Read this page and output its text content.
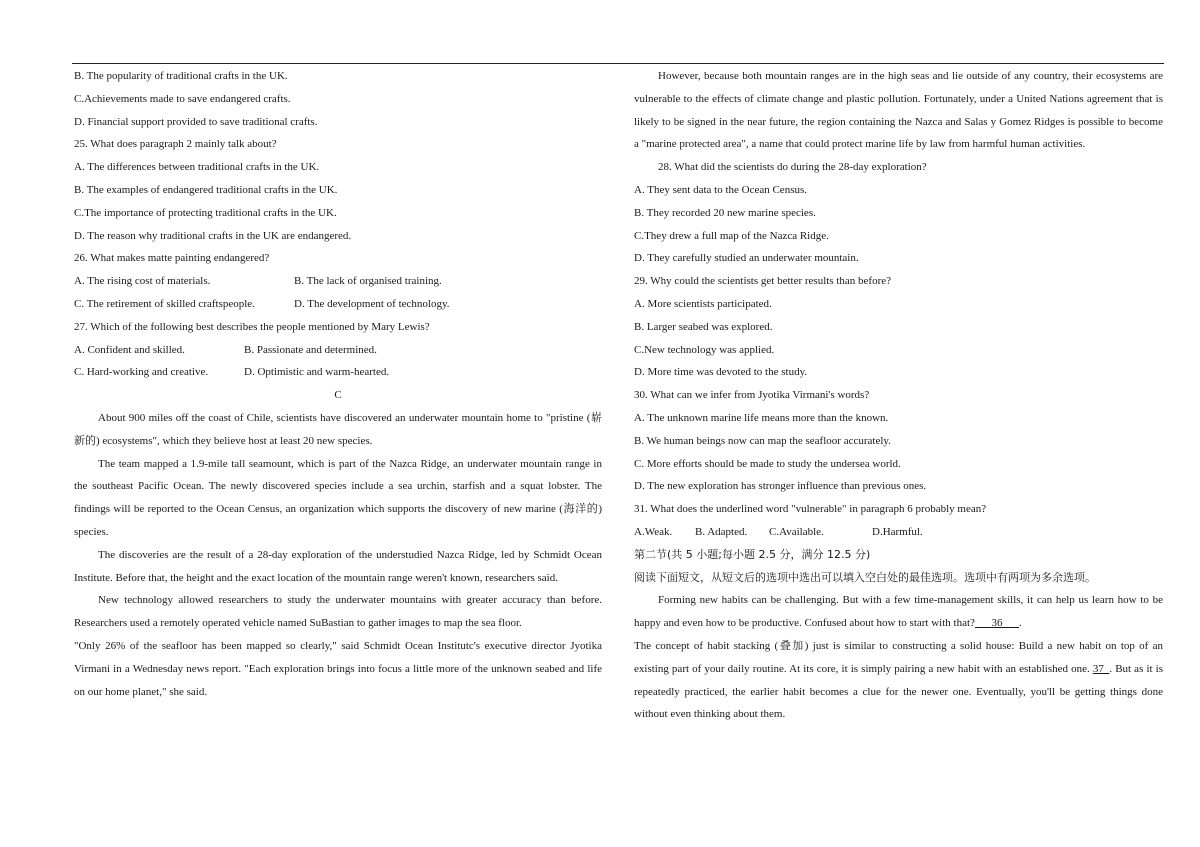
B. The popularity of traditional crafts in the UK.
C.Achievements made to save endangered crafts.
D. Financial support provided to save traditional crafts.
25. What does paragraph 2 mainly talk about?
A. The differences between traditional crafts in the UK.
B. The examples of endangered traditional crafts in the UK.
C.The importance of protecting traditional crafts in the UK.
D. The reason why traditional crafts in the UK are endangered.
26. What makes matte painting endangered?
A. The rising cost of materials.	B. The lack of organised training.
C. The retirement of skilled craftspeople.	D. The development of technology.
27. Which of the following best describes the people mentioned by Mary Lewis?
A. Confident and skilled.	B. Passionate and determined.
C. Hard-working and creative.	D. Optimistic and warm-hearted.
C
About 900 miles off the coast of Chile, scientists have discovered an underwater mountain home to "pristine (崭新的) ecosystems", which they believe host at least 20 new species.
The team mapped a 1.9-mile tall seamount, which is part of the Nazca Ridge, an underwater mountain range in the southeast Pacific Ocean. The newly discovered species include a sea urchin, starfish and a squat lobster. The findings will be reported to the Ocean Census, an organization which supports the discovery of new marine (海洋的) species.
The discoveries are the result of a 28-day exploration of the understudied Nazca Ridge, led by Schmidt Ocean Institute. Before that, the height and the exact location of the mountain range weren't known, researchers said.
New technology allowed researchers to study the underwater mountains with greater accuracy than before. Researchers used a remotely operated vehicle named SuBastian to gather images to map the sea floor.
"Only 26% of the seafloor has been mapped so clearly," said Schmidt Ocean Institutc's executive director Jyotika Virmani in a Wednesday news report. "Each exploration brings into focus a little more of the unknown seabed and life on our home planet," she said.
However, because both mountain ranges are in the high seas and lie outside of any country, their ecosystems are vulnerable to the effects of climate change and plastic pollution. Fortunately, under a United Nations agreement that is likely to be signed in the near future, the region containing the Nazca and Salas y Gomez Ridges is possible to become a "marine protected area", a name that could protect marine life by law from harmful human activities.
28. What did the scientists do during the 28-day exploration?
A. They sent data to the Ocean Census.
B. They recorded 20 new marine species.
C.They drew a full map of the Nazca Ridge.
D. They carefully studied an underwater mountain.
29. Why could the scientists get better results than before?
A. More scientists participated.
B. Larger seabed was explored.
C.New technology was applied.
D. More time was devoted to the study.
30. What can we infer from Jyotika Virmani's words?
A. The unknown marine life means more than the known.
B. We human beings now can map the seafloor accurately.
C. More efforts should be made to study the undersea world.
D. The new exploration has stronger influence than previous ones.
31. What does the underlined word "vulnerable" in paragraph 6 probably mean?
A.Weak.	B. Adapted.	C.Available.	D.Harmful.
第二节(共 5 小题;每小题 2.5 分，满分 12.5 分)
阅读下面短文，从短文后的选项中选出可以填入空白处的最佳选项。选项中有两项为多余选项。
Forming new habits can be challenging. But with a few time-management skills, it can help us learn how to be happy and even how to be productive. Confused about how to start with that?___36___.
The concept of habit stacking (叠加) just is similar to constructing a solid house: Build a new habit on top of an existing part of your daily routine. At its core, it is simply pairing a new habit with an established one. 37_. But as it is repeatedly practiced, the earlier habit becomes a clue for the newer one. Eventually, you'll be getting things done without even thinking about them.
